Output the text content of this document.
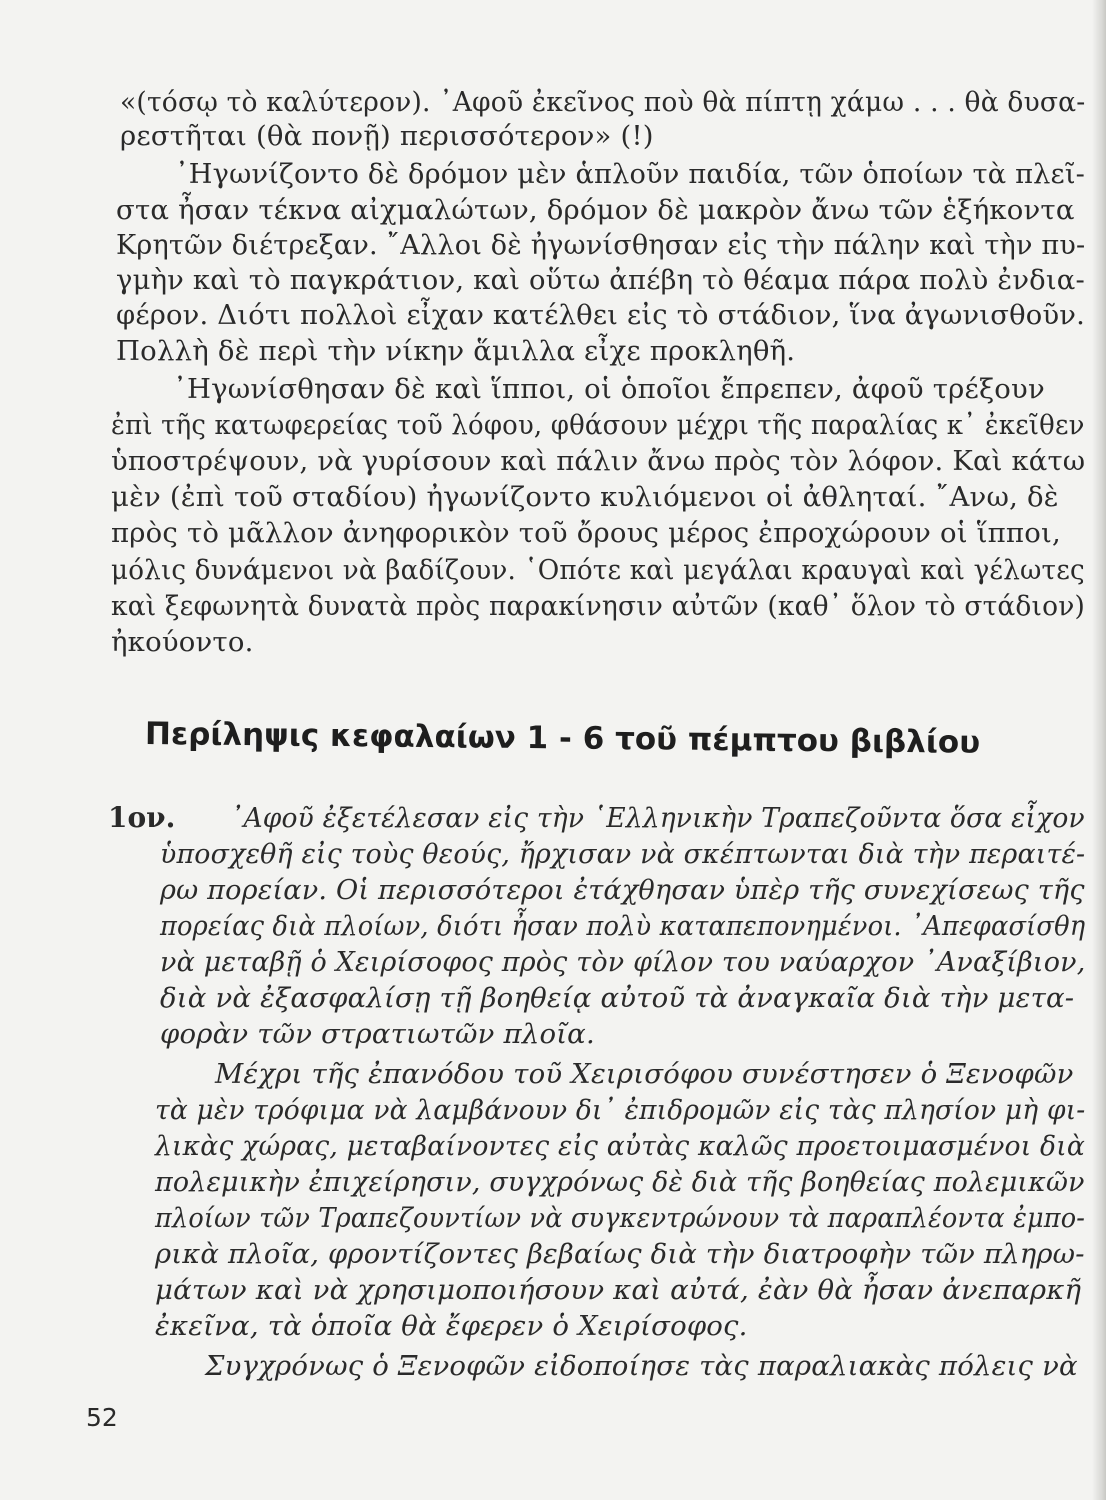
«(τόσῳ τὸ καλύτερον). ᾿Αφοῦ ἐκεῖνος ποὺ θὰ πίπτῃ χάμω . . . θὰ δυσα-

ρεστῆται (θὰ πονῇ) περισσότερον» (!)

᾿Ηγωνίζοντο δὲ δρόμον μὲν ἁπλοῦν παιδία, τῶν ὁποίων τὰ πλεῖ-

στα ἦσαν τέκνα αἰχμαλώτων, δρόμον δὲ μακρὸν ἄνω τῶν ἑξήκοντα

Κρητῶν διέτρεξαν. ῎Αλλοι δὲ ἠγωνίσθησαν εἰς τὴν πάλην καὶ τὴν πυ-

γμὴν καὶ τὸ παγκράτιον, καὶ οὕτω ἀπέβη τὸ θέαμα πάρα πολὺ ἐνδια-

φέρον. Διότι πολλοὶ εἶχαν κατέλθει εἰς τὸ στάδιον, ἵνα ἀγωνισθοῦν.

Πολλὴ δὲ περὶ τὴν νίκην ἅμιλλα εἶχε προκληθῆ.

᾿Ηγωνίσθησαν δὲ καὶ ἵπποι, οἱ ὁποῖοι ἔπρεπεν, ἀφοῦ τρέξουν

ἐπὶ τῆς κατωφερείας τοῦ λόφου, φθάσουν μέχρι τῆς παραλίας κ᾿ ἐκεῖθεν

ὑποστρέψουν, νὰ γυρίσουν καὶ πάλιν ἄνω πρὸς τὸν λόφον. Καὶ κάτω

μὲν (ἐπὶ τοῦ σταδίου) ἠγωνίζοντο κυλιόμενοι οἱ ἀθληταί. ῎Ανω, δὲ

πρὸς τὸ μᾶλλον ἀνηφορικὸν τοῦ ὄρους μέρος ἐπροχώρουν οἱ ἵπποι,

μόλις δυνάμενοι νὰ βαδίζουν. ῾Οπότε καὶ μεγάλαι κραυγαὶ καὶ γέλωτες

καὶ ξεφωνητὰ δυνατὰ πρὸς παρακίνησιν αὐτῶν (καθ᾿ ὅλον τὸ στάδιον)

ἠκούοντο.

Περίληψις κεφαλαίων 1 - 6 τοῦ πέμπτου βιβλίου
1ον. ᾿Αφοῦ ἐξετέλεσαν εἰς τὴν ῾Ελληνικὴν Τραπεζοῦντα ὅσα εἶχον

ὑποσχεθῆ εἰς τοὺς θεούς, ἤρχισαν νὰ σκέπτωνται διὰ τὴν περαιτέ-

ρω πορείαν. Οἱ περισσότεροι ἐτάχθησαν ὑπὲρ τῆς συνεχίσεως τῆς

πορείας διὰ πλοίων, διότι ἦσαν πολὺ καταπεπονημένοι. ᾿Απεφασίσθη

νὰ μεταβῇ ὁ Χειρίσοφος πρὸς τὸν φίλον του ναύαρχον ᾿Αναξίβιον,

διὰ νὰ ἐξασφαλίσῃ τῇ βοηθείᾳ αὐτοῦ τὰ ἀναγκαῖα διὰ τὴν μετα-

φορὰν τῶν στρατιωτῶν πλοῖα.

Μέχρι τῆς ἐπανόδου τοῦ Χειρισόφου συνέστησεν ὁ Ξενοφῶν

τὰ μὲν τρόφιμα νὰ λαμβάνουν δι᾿ ἐπιδρομῶν εἰς τὰς πλησίον μὴ φι-

λικὰς χώρας, μεταβαίνοντες εἰς αὐτὰς καλῶς προετοιμασμένοι διὰ

πολεμικὴν ἐπιχείρησιν, συγχρόνως δὲ διὰ τῆς βοηθείας πολεμικῶν

πλοίων τῶν Τραπεζουντίων νὰ συγκεντρώνουν τὰ παραπλέοντα ἐμπο-

ρικὰ πλοῖα, φροντίζοντες βεβαίως διὰ τὴν διατροφὴν τῶν πληρω-

μάτων καὶ νὰ χρησιμοποιήσουν καὶ αὐτά, ἐὰν θὰ ἦσαν ἀνεπαρκῆ

ἐκεῖνα, τὰ ὁποῖα θὰ ἔφερεν ὁ Χειρίσοφος.

Συγχρόνως ὁ Ξενοφῶν εἰδοποίησε τὰς παραλιακὰς πόλεις νὰ

52
